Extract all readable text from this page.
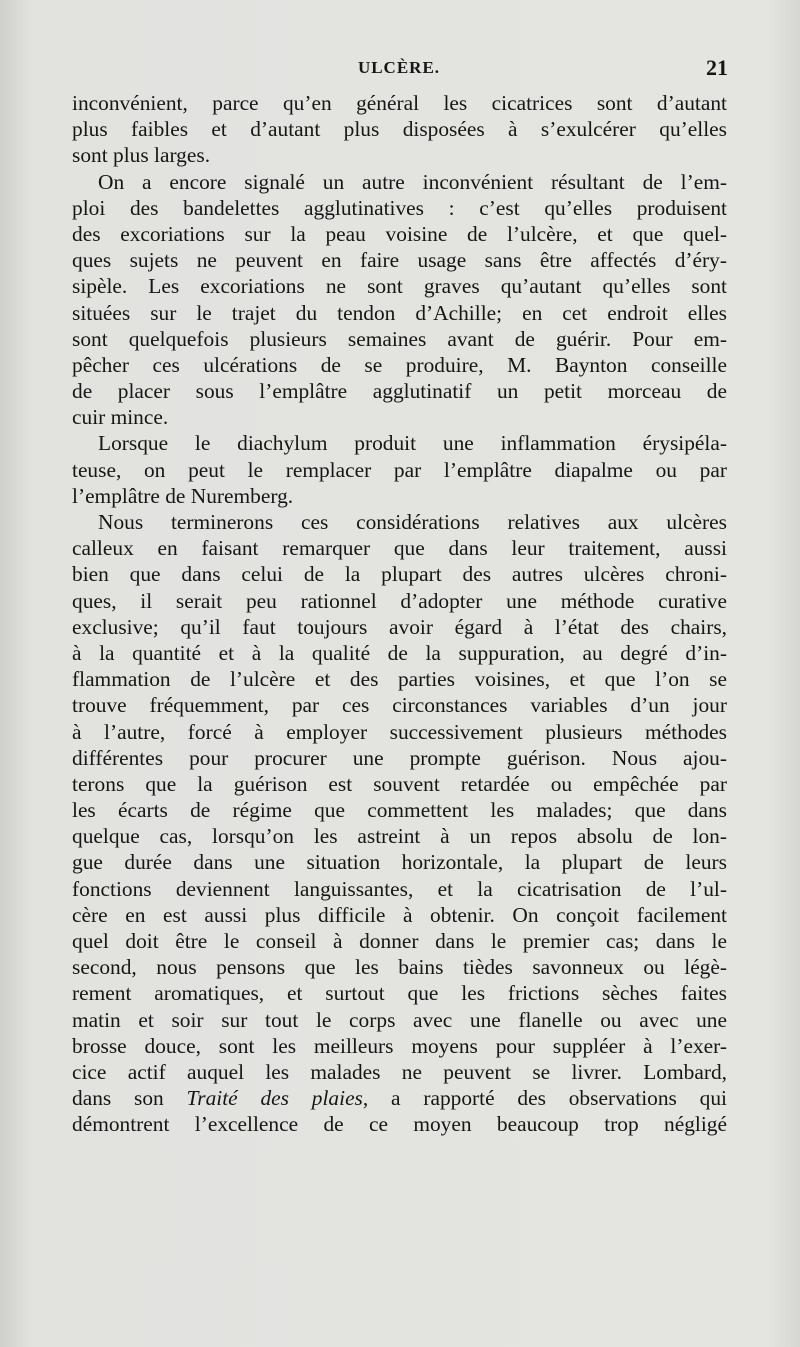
ULCÈRE.	21
inconvénient, parce qu’en général les cicatrices sont d’autant
plus faibles et d’autant plus disposées à s’exulcérer qu’elles
sont plus larges.
On a encore signalé un autre inconvénient résultant de l’em-
ploi des bandelettes agglutinatives : c’est qu’elles produisent
des excoriations sur la peau voisine de l’ulcère, et que quel-
ques sujets ne peuvent en faire usage sans être affectés d’éry-
sipèle. Les excoriations ne sont graves qu’autant qu’elles sont
situées sur le trajet du tendon d’Achille; en cet endroit elles
sont quelquefois plusieurs semaines avant de guérir. Pour em-
pêcher ces ulcérations de se produire, M. Baynton conseille
de placer sous l’emplâtre agglutinatif un petit morceau de
cuir mince.
Lorsque le diachylum produit une inflammation érysipéla-
teuse, on peut le remplacer par l’emplâtre diapalme ou par
l’emplâtre de Nuremberg.
Nous terminerons ces considérations relatives aux ulcères
calleux en faisant remarquer que dans leur traitement, aussi
bien que dans celui de la plupart des autres ulcères chroni-
ques, il serait peu rationnel d’adopter une méthode curative
exclusive; qu’il faut toujours avoir égard à l’état des chairs,
à la quantité et à la qualité de la suppuration, au degré d’in-
flammation de l’ulcère et des parties voisines, et que l’on se
trouve fréquemment, par ces circonstances variables d’un jour
à l’autre, forcé à employer successivement plusieurs méthodes
différentes pour procurer une prompte guérison. Nous ajou-
terons que la guérison est souvent retardée ou empêchée par
les écarts de régime que commettent les malades; que dans
quelque cas, lorsqu’on les astreint à un repos absolu de lon-
gue durée dans une situation horizontale, la plupart de leurs
fonctions deviennent languissantes, et la cicatrisation de l’ul-
cère en est aussi plus difficile à obtenir. On conçoit facilement
quel doit être le conseil à donner dans le premier cas; dans le
second, nous pensons que les bains tièdes savonneux ou légè-
rement aromatiques, et surtout que les frictions sèches faites
matin et soir sur tout le corps avec une flanelle ou avec une
brosse douce, sont les meilleurs moyens pour suppléer à l’exer-
cice actif auquel les malades ne peuvent se livrer. Lombard,
dans son Traité des plaies, a rapporté des observations qui
démontrent l’excellence de ce moyen beaucoup trop négligé
